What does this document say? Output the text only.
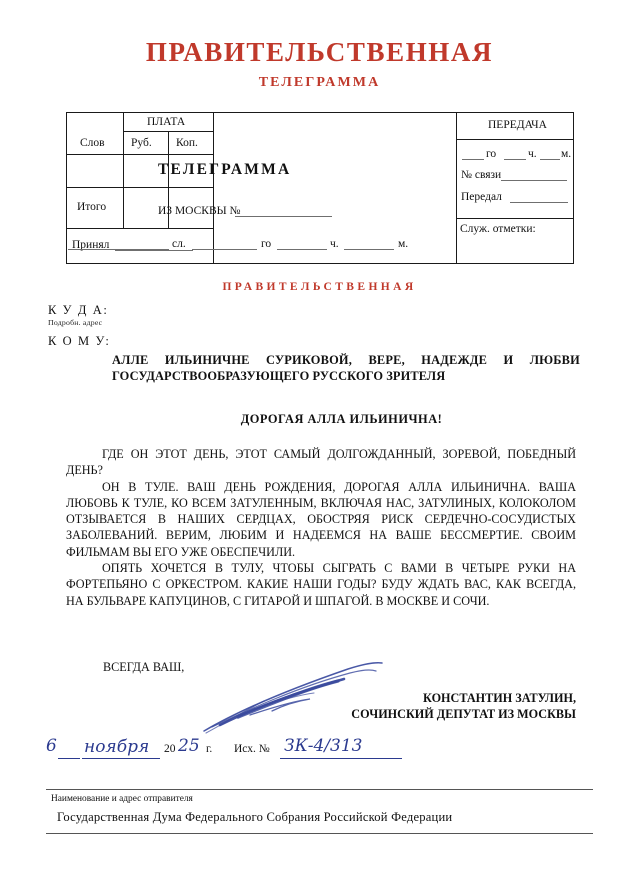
ПРАВИТЕЛЬСТВЕННАЯ
ТЕЛЕГРАММА
ПЛАТА
Слов Руб. Коп.
Итого
Принял
ТЕЛЕГРАММА
ИЗ МОСКВЫ №
сл.	го	ч.	м.
ПЕРЕДАЧА
го	ч. м.
№ связи
Передал
Служ. отметки:
ПРАВИТЕЛЬСТВЕННАЯ
К У Д А:
Подробн. адрес
К О М У:
АЛЛЕ ИЛЬИНИЧНЕ СУРИКОВОЙ, ВЕРЕ, НАДЕЖДЕ И ЛЮБВИ
ГОСУДАРСТВООБРАЗУЮЩЕГО РУССКОГО ЗРИТЕЛЯ
ДОРОГАЯ АЛЛА ИЛЬИНИЧНА!

ГДЕ ОН ЭТОТ ДЕНЬ, ЭТОТ САМЫЙ ДОЛГОЖДАННЫЙ, ЗОРЕВОЙ, ПОБЕДНЫЙ ДЕНЬ?

ОН В ТУЛЕ. ВАШ ДЕНЬ РОЖДЕНИЯ, ДОРОГАЯ АЛЛА ИЛЬИНИЧНА. ВАША ЛЮБОВЬ К ТУЛЕ, КО ВСЕМ ЗАТУЛЕННЫМ, ВКЛЮЧАЯ НАС, ЗАТУЛИНЫХ, КОЛОКОЛОМ ОТЗЫВАЕТСЯ В НАШИХ СЕРДЦАХ, ОБОСТРЯЯ РИСК СЕРДЕЧНО-СОСУДИСТЫХ ЗАБОЛЕВАНИЙ. ВЕРИМ, ЛЮБИМ И НАДЕЕМСЯ НА ВАШЕ БЕССМЕРТИЕ. СВОИМ ФИЛЬМАМ ВЫ ЕГО УЖЕ ОБЕСПЕЧИЛИ.

ОПЯТЬ ХОЧЕТСЯ В ТУЛУ, ЧТОБЫ СЫГРАТЬ С ВАМИ В ЧЕТЫРЕ РУКИ НА ФОРТЕПЬЯНО С ОРКЕСТРОМ. КАКИЕ НАШИ ГОДЫ? БУДУ ЖДАТЬ ВАС, КАК ВСЕГДА, НА БУЛЬВАРЕ КАПУЦИНОВ, С ГИТАРОЙ И ШПАГОЙ. В МОСКВЕ И СОЧИ.

ВСЕГДА ВАШ,
КОНСТАНТИН ЗАТУЛИН,
СОЧИНСКИЙ ДЕПУТАТ ИЗ МОСКВЫ
6 ноября 20 25 г. Исх. № ЗК-4/313
Наименование и адрес отправителя
Государственная Дума Федерального Собрания Российской Федерации
